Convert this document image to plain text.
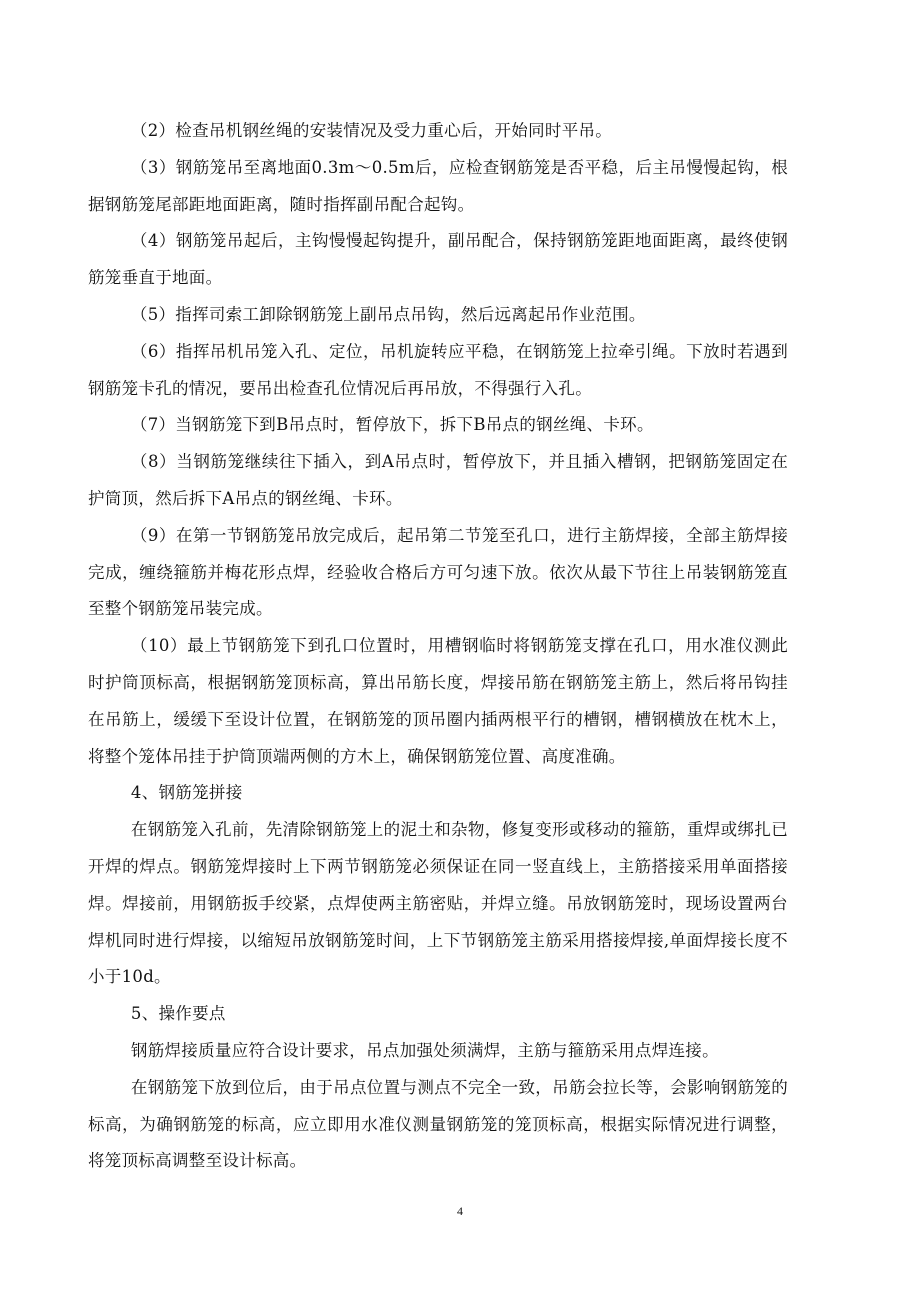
（2）检查吊机钢丝绳的安装情况及受力重心后，开始同时平吊。

（3）钢筋笼吊至离地面0.3m～0.5m后，应检查钢筋笼是否平稳，后主吊慢慢起钩，根据钢筋笼尾部距地面距离，随时指挥副吊配合起钩。

（4）钢筋笼吊起后，主钩慢慢起钩提升，副吊配合，保持钢筋笼距地面距离，最终使钢筋笼垂直于地面。

（5）指挥司索工卸除钢筋笼上副吊点吊钩，然后远离起吊作业范围。

（6）指挥吊机吊笼入孔、定位，吊机旋转应平稳，在钢筋笼上拉牵引绳。下放时若遇到钢筋笼卡孔的情况，要吊出检查孔位情况后再吊放，不得强行入孔。

（7）当钢筋笼下到B吊点时，暂停放下，拆下B吊点的钢丝绳、卡环。

（8）当钢筋笼继续往下插入，到A吊点时，暂停放下，并且插入槽钢，把钢筋笼固定在护筒顶，然后拆下A吊点的钢丝绳、卡环。

（9）在第一节钢筋笼吊放完成后，起吊第二节笼至孔口，进行主筋焊接，全部主筋焊接完成，缠绕箍筋并梅花形点焊，经验收合格后方可匀速下放。依次从最下节往上吊装钢筋笼直至整个钢筋笼吊装完成。

（10）最上节钢筋笼下到孔口位置时，用槽钢临时将钢筋笼支撑在孔口，用水准仪测此时护筒顶标高，根据钢筋笼顶标高，算出吊筋长度，焊接吊筋在钢筋笼主筋上，然后将吊钩挂在吊筋上，缓缓下至设计位置，在钢筋笼的顶吊圈内插两根平行的槽钢，槽钢横放在枕木上，将整个笼体吊挂于护筒顶端两侧的方木上，确保钢筋笼位置、高度准确。

4、钢筋笼拼接

在钢筋笼入孔前，先清除钢筋笼上的泥土和杂物，修复变形或移动的箍筋，重焊或绑扎已开焊的焊点。钢筋笼焊接时上下两节钢筋笼必须保证在同一竖直线上，主筋搭接采用单面搭接焊。焊接前，用钢筋扳手绞紧，点焊使两主筋密贴，并焊立缝。吊放钢筋笼时，现场设置两台焊机同时进行焊接，以缩短吊放钢筋笼时间，上下节钢筋笼主筋采用搭接焊接,单面焊接长度不小于10d。

5、操作要点

钢筋焊接质量应符合设计要求，吊点加强处须满焊，主筋与箍筋采用点焊连接。

在钢筋笼下放到位后，由于吊点位置与测点不完全一致，吊筋会拉长等，会影响钢筋笼的标高，为确钢筋笼的标高，应立即用水准仪测量钢筋笼的笼顶标高，根据实际情况进行调整，将笼顶标高调整至设计标高。

4
